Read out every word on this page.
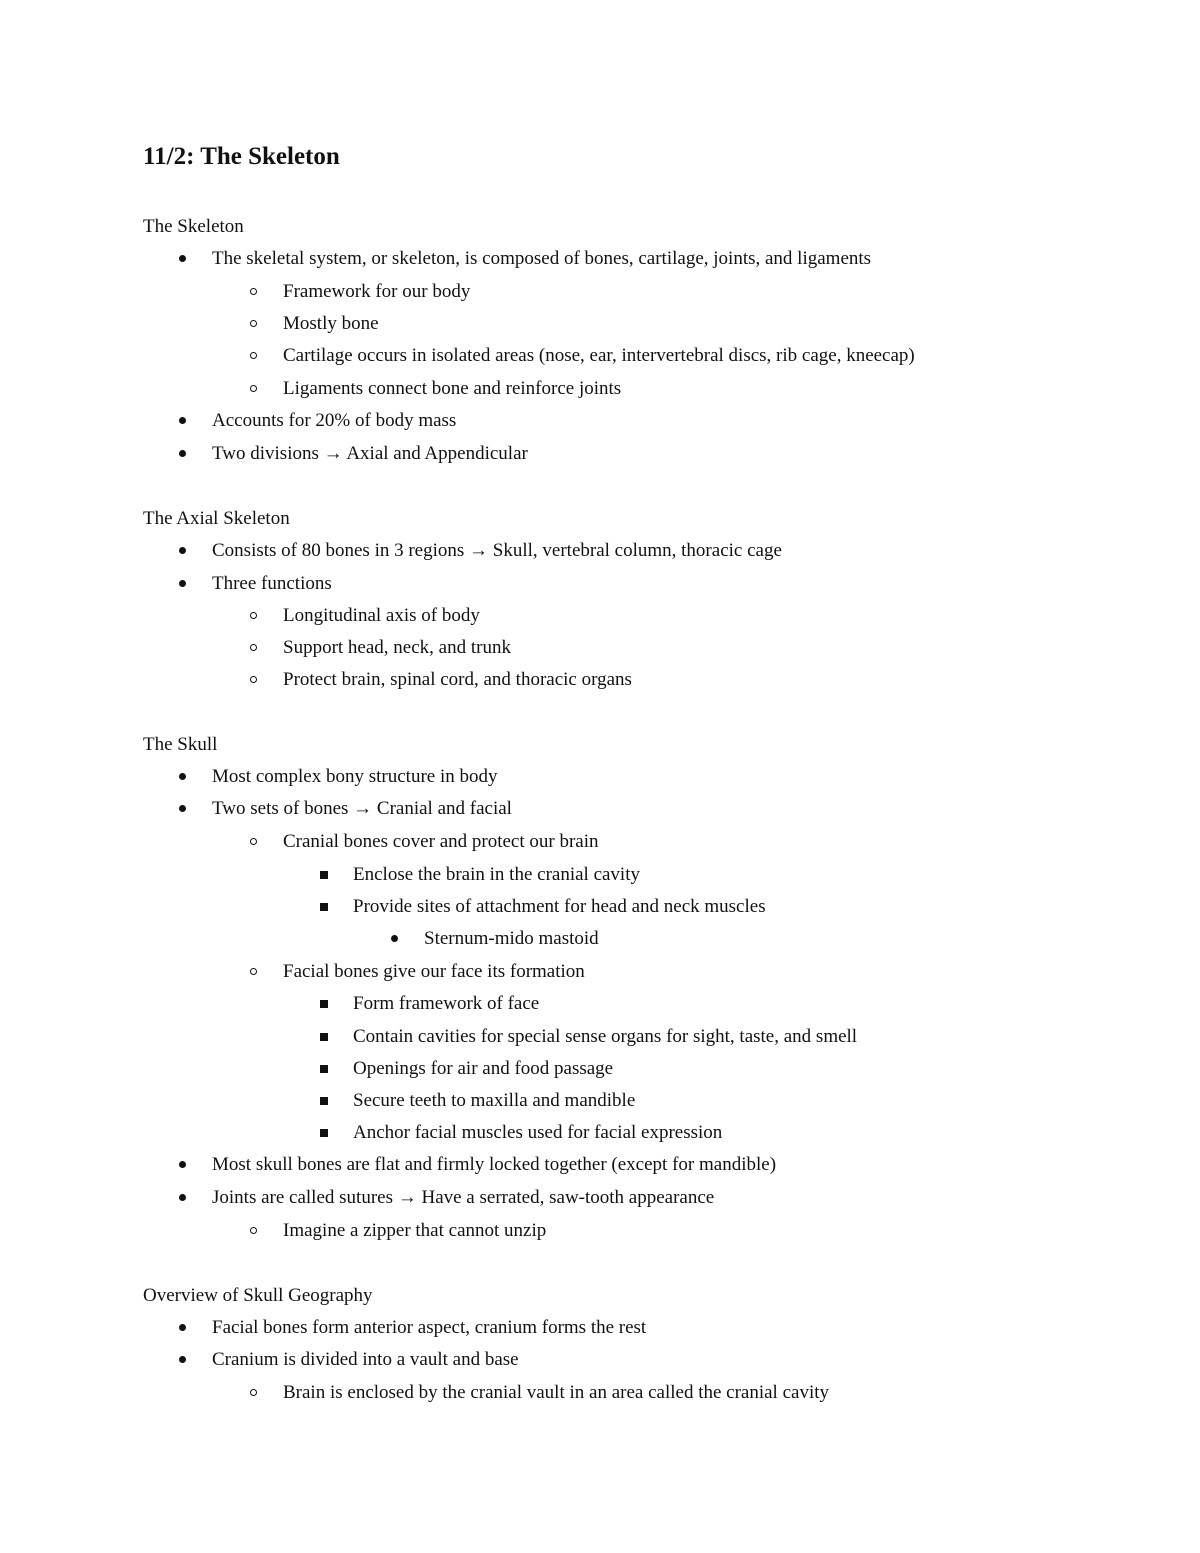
11/2: The Skeleton
The Skeleton
The skeletal system, or skeleton, is composed of bones, cartilage, joints, and ligaments
Framework for our body
Mostly bone
Cartilage occurs in isolated areas (nose, ear, intervertebral discs, rib cage, kneecap)
Ligaments connect bone and reinforce joints
Accounts for 20% of body mass
Two divisions → Axial and Appendicular
The Axial Skeleton
Consists of 80 bones in 3 regions → Skull, vertebral column, thoracic cage
Three functions
Longitudinal axis of body
Support head, neck, and trunk
Protect brain, spinal cord, and thoracic organs
The Skull
Most complex bony structure in body
Two sets of bones → Cranial and facial
Cranial bones cover and protect our brain
Enclose the brain in the cranial cavity
Provide sites of attachment for head and neck muscles
Sternum-mido mastoid
Facial bones give our face its formation
Form framework of face
Contain cavities for special sense organs for sight, taste, and smell
Openings for air and food passage
Secure teeth to maxilla and mandible
Anchor facial muscles used for facial expression
Most skull bones are flat and firmly locked together (except for mandible)
Joints are called sutures → Have a serrated, saw-tooth appearance
Imagine a zipper that cannot unzip
Overview of Skull Geography
Facial bones form anterior aspect, cranium forms the rest
Cranium is divided into a vault and base
Brain is enclosed by the cranial vault in an area called the cranial cavity
